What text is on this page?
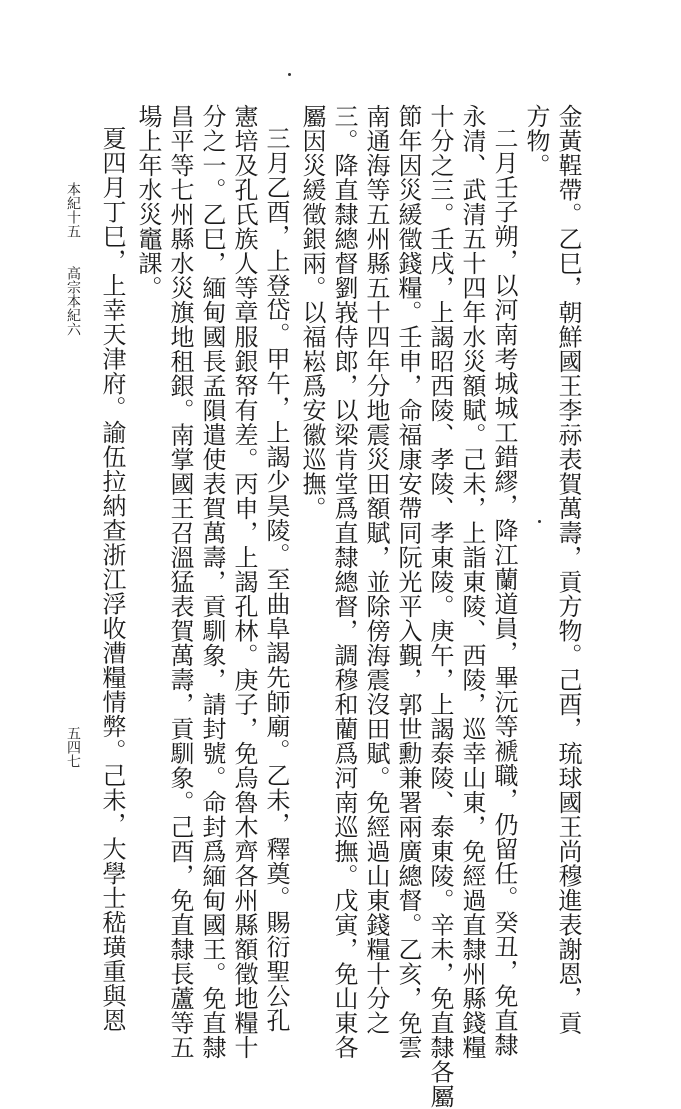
金黃鞓帶。乙巳，朝鮮國王李祘表賀萬壽，貢方物。己酉，琉球國王尚穆進表謝恩，貢
方物。
二月壬子朔，以河南考城城工錯繆，降江蘭道員，畢沅等褫職，仍留任。癸丑，免直隸
永清、武清五十四年水災額賦。己未，上詣東陵、西陵，巡幸山東，免經過直隸州縣錢糧
十分之三。壬戌，上謁昭西陵、孝陵、孝東陵。庚午，上謁泰陵、泰東陵。辛未，免直隸各屬
節年因災緩徵錢糧。壬申，命福康安帶同阮光平入覲，郭世勳兼署兩廣總督。乙亥，免雲
南通海等五州縣五十四年分地震災田額賦，並除傍海震沒田賦。免經過山東錢糧十分之
三。降直隸總督劉峩侍郎，以梁肯堂爲直隸總督，調穆和藺爲河南巡撫。戊寅，免山東各
屬因災緩徵銀兩。以福崧爲安徽巡撫。
三月乙酉，上登岱。甲午，上謁少昊陵。至曲阜謁先師廟。乙未，釋奠。賜衍聖公孔
憲培及孔氏族人等章服銀帑有差。丙申，上謁孔林。庚子，免烏魯木齊各州縣額徵地糧十
分之一。乙巳，緬甸國長孟隕遣使表賀萬壽，貢馴象，請封號。命封爲緬甸國王。免直隸
昌平等七州縣水災旗地租銀。南掌國王召溫猛表賀萬壽，貢馴象。己酉，免直隸長蘆等五
場上年水災竈課。
夏四月丁巳，上幸天津府。諭伍拉納查浙江浮收漕糧情弊。己未，大學士嵇璜重與恩
本紀十五
高宗本紀六
五四七
